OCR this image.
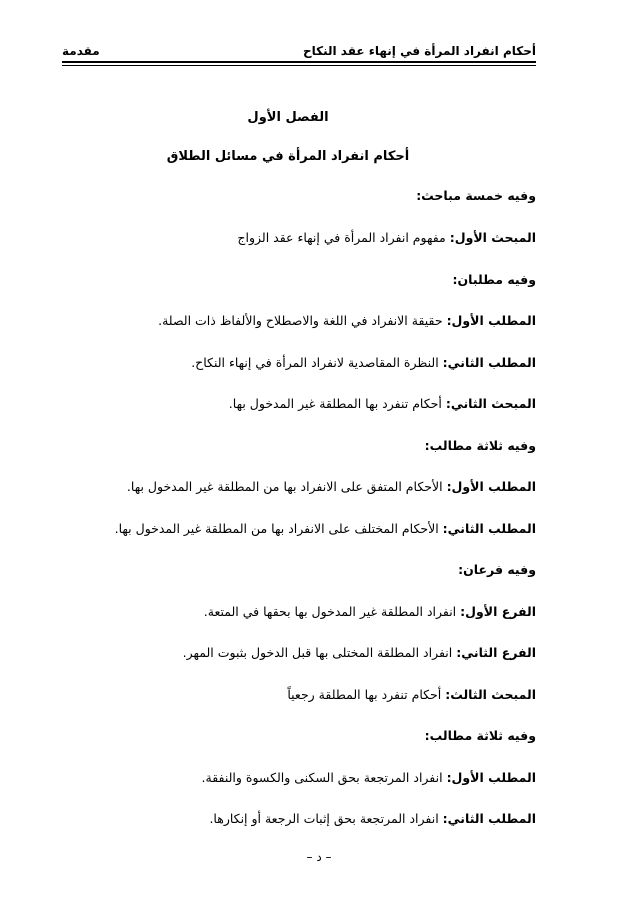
أحكام انفراد المرأة في إنهاء عقد النكاح
مقدمة
الفصل الأول
أحكام انفراد المرأة في مسائل الطلاق
وفيه خمسة مباحث:
المبحث الأول: مفهوم انفراد المرأة في إنهاء عقد الزواج
وفيه مطلبان:
المطلب الأول: حقيقة الانفراد في اللغة والاصطلاح والألفاظ ذات الصلة.
المطلب الثاني: النظرة المقاصدية لانفراد المرأة في إنهاء النكاح.
المبحث الثاني: أحكام تنفرد بها المطلقة غير المدخول بها.
وفيه ثلاثة مطالب:
المطلب الأول: الأحكام المتفق على الانفراد بها من المطلقة غير المدخول بها.
المطلب الثاني: الأحكام المختلف على الانفراد بها من المطلقة غير المدخول بها.
وفيه فرعان:
الفرع الأول: انفراد المطلقة غير المدخول بها بحقها في المتعة.
الفرع الثاني: انفراد المطلقة المختلى بها قبل الدخول بثبوت المهر.
المبحث الثالث: أحكام تنفرد بها المطلقة رجعياً
وفيه ثلاثة مطالب:
المطلب الأول: انفراد المرتجعة بحق السكنى والكسوة والنفقة.
المطلب الثاني: انفراد المرتجعة بحق إثبات الرجعة أو إنكارها.
– د –
